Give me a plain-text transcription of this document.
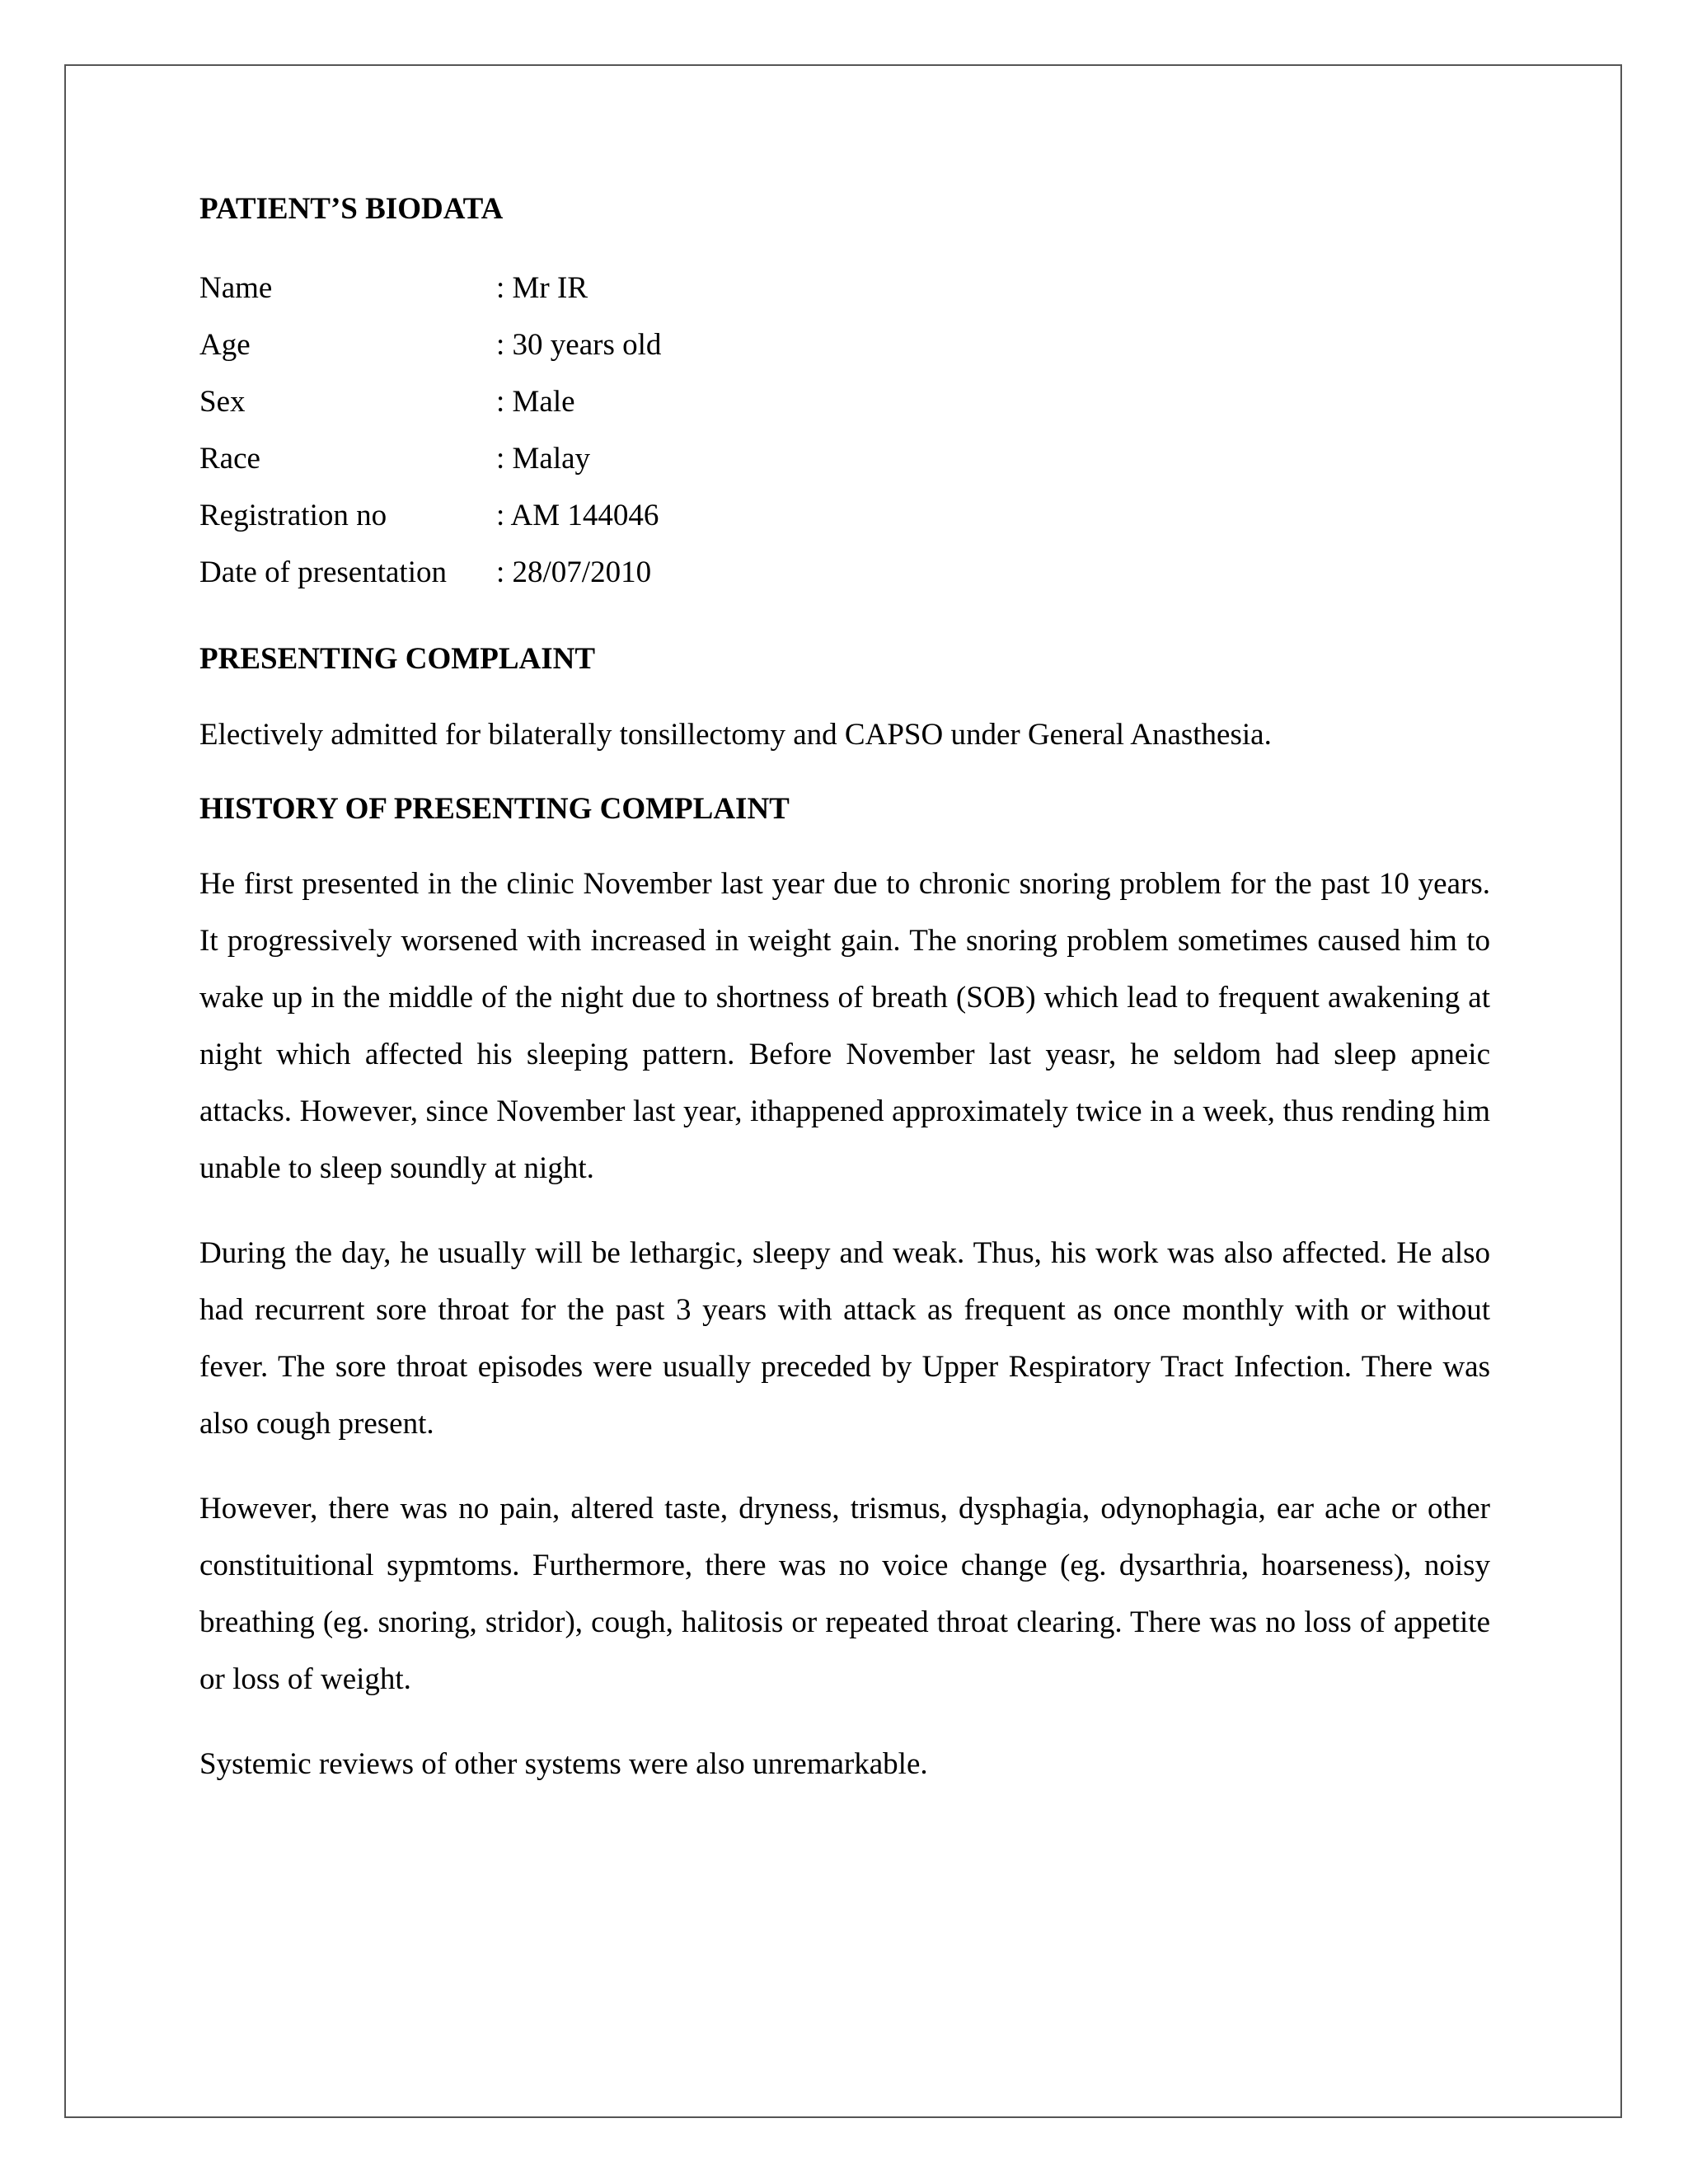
PATIENT’S BIODATA
Name	: Mr IR
Age	: 30 years old
Sex	: Male
Race	: Malay
Registration no	: AM 144046
Date of presentation	: 28/07/2010
PRESENTING COMPLAINT

Electively admitted for bilaterally tonsillectomy and CAPSO under General Anasthesia.

HISTORY OF PRESENTING COMPLAINT

He first presented in the clinic November last year due to chronic snoring problem for the past 10 years. It progressively worsened with increased in weight gain. The snoring problem sometimes caused him to wake up in the middle of the night due to shortness of breath (SOB) which lead to frequent awakening at night which affected his sleeping pattern. Before November last yeasr, he seldom had sleep apneic attacks. However, since November last year, ithappened approximately twice in a week, thus rending him unable to sleep soundly at night.

During the day, he usually will be lethargic, sleepy and weak. Thus, his work was also affected. He also had recurrent sore throat for the past 3 years with attack as frequent as once monthly with or without fever. The sore throat episodes were usually preceded by Upper Respiratory Tract Infection. There was also cough present.

However, there was no pain, altered taste, dryness, trismus, dysphagia, odynophagia, ear ache or other constituitional sypmtoms. Furthermore, there was no voice change (eg. dysarthria, hoarseness), noisy breathing (eg. snoring, stridor), cough, halitosis or repeated throat clearing. There was no loss of appetite or loss of weight.

Systemic reviews of other systems were also unremarkable.
